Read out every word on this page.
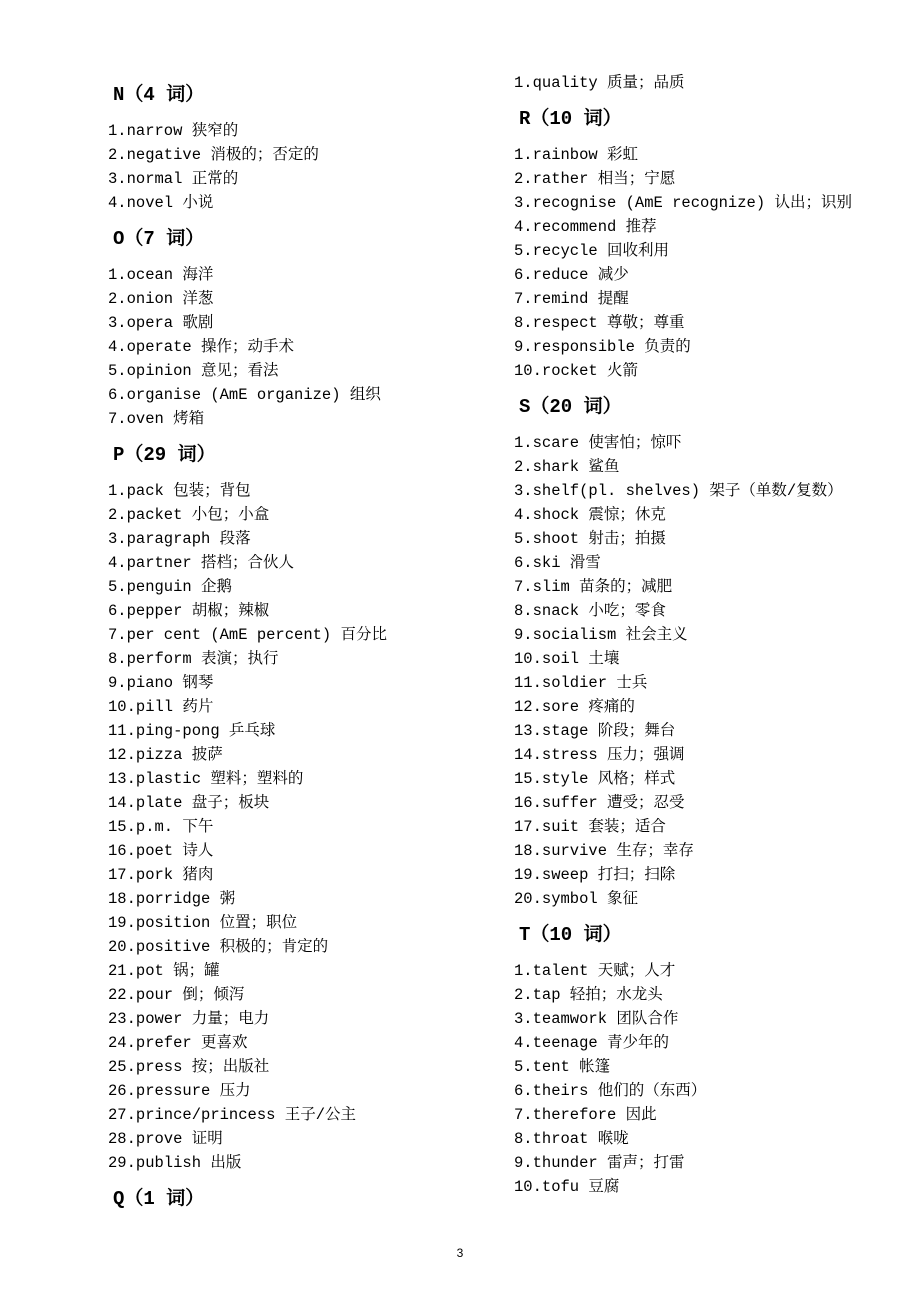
N（4 词）
1.narrow 狭窄的
2.negative 消极的；否定的
3.normal 正常的
4.novel 小说
O（7 词）
1.ocean 海洋
2.onion 洋葱
3.opera 歌剧
4.operate 操作；动手术
5.opinion 意见；看法
6.organise (AmE organize) 组织
7.oven 烤箱
P（29 词）
1.pack 包装；背包
2.packet 小包；小盒
3.paragraph 段落
4.partner 搭档；合伙人
5.penguin 企鹅
6.pepper 胡椒；辣椒
7.per cent (AmE percent) 百分比
8.perform 表演；执行
9.piano 钢琴
10.pill 药片
11.ping-pong 乒乓球
12.pizza 披萨
13.plastic 塑料；塑料的
14.plate 盘子；板块
15.p.m. 下午
16.poet 诗人
17.pork 猪肉
18.porridge 粥
19.position 位置；职位
20.positive 积极的；肯定的
21.pot 锅；罐
22.pour 倒；倾泻
23.power 力量；电力
24.prefer 更喜欢
25.press 按；出版社
26.pressure 压力
27.prince/princess 王子/公主
28.prove 证明
29.publish 出版
Q（1 词）
1.quality 质量；品质
R（10 词）
1.rainbow 彩虹
2.rather 相当；宁愿
3.recognise (AmE recognize) 认出；识别
4.recommend 推荐
5.recycle 回收利用
6.reduce 减少
7.remind 提醒
8.respect 尊敬；尊重
9.responsible 负责的
10.rocket 火箭
S（20 词）
1.scare 使害怕；惊吓
2.shark 鲨鱼
3.shelf(pl. shelves) 架子（单数/复数）
4.shock 震惊；休克
5.shoot 射击；拍摄
6.ski 滑雪
7.slim 苗条的；减肥
8.snack 小吃；零食
9.socialism 社会主义
10.soil 土壤
11.soldier 士兵
12.sore 疼痛的
13.stage 阶段；舞台
14.stress 压力；强调
15.style 风格；样式
16.suffer 遭受；忍受
17.suit 套装；适合
18.survive 生存；幸存
19.sweep 打扫；扫除
20.symbol 象征
T（10 词）
1.talent 天赋；人才
2.tap 轻拍；水龙头
3.teamwork 团队合作
4.teenage 青少年的
5.tent 帐篷
6.theirs 他们的（东西）
7.therefore 因此
8.throat 喉咙
9.thunder 雷声；打雷
10.tofu 豆腐
3
